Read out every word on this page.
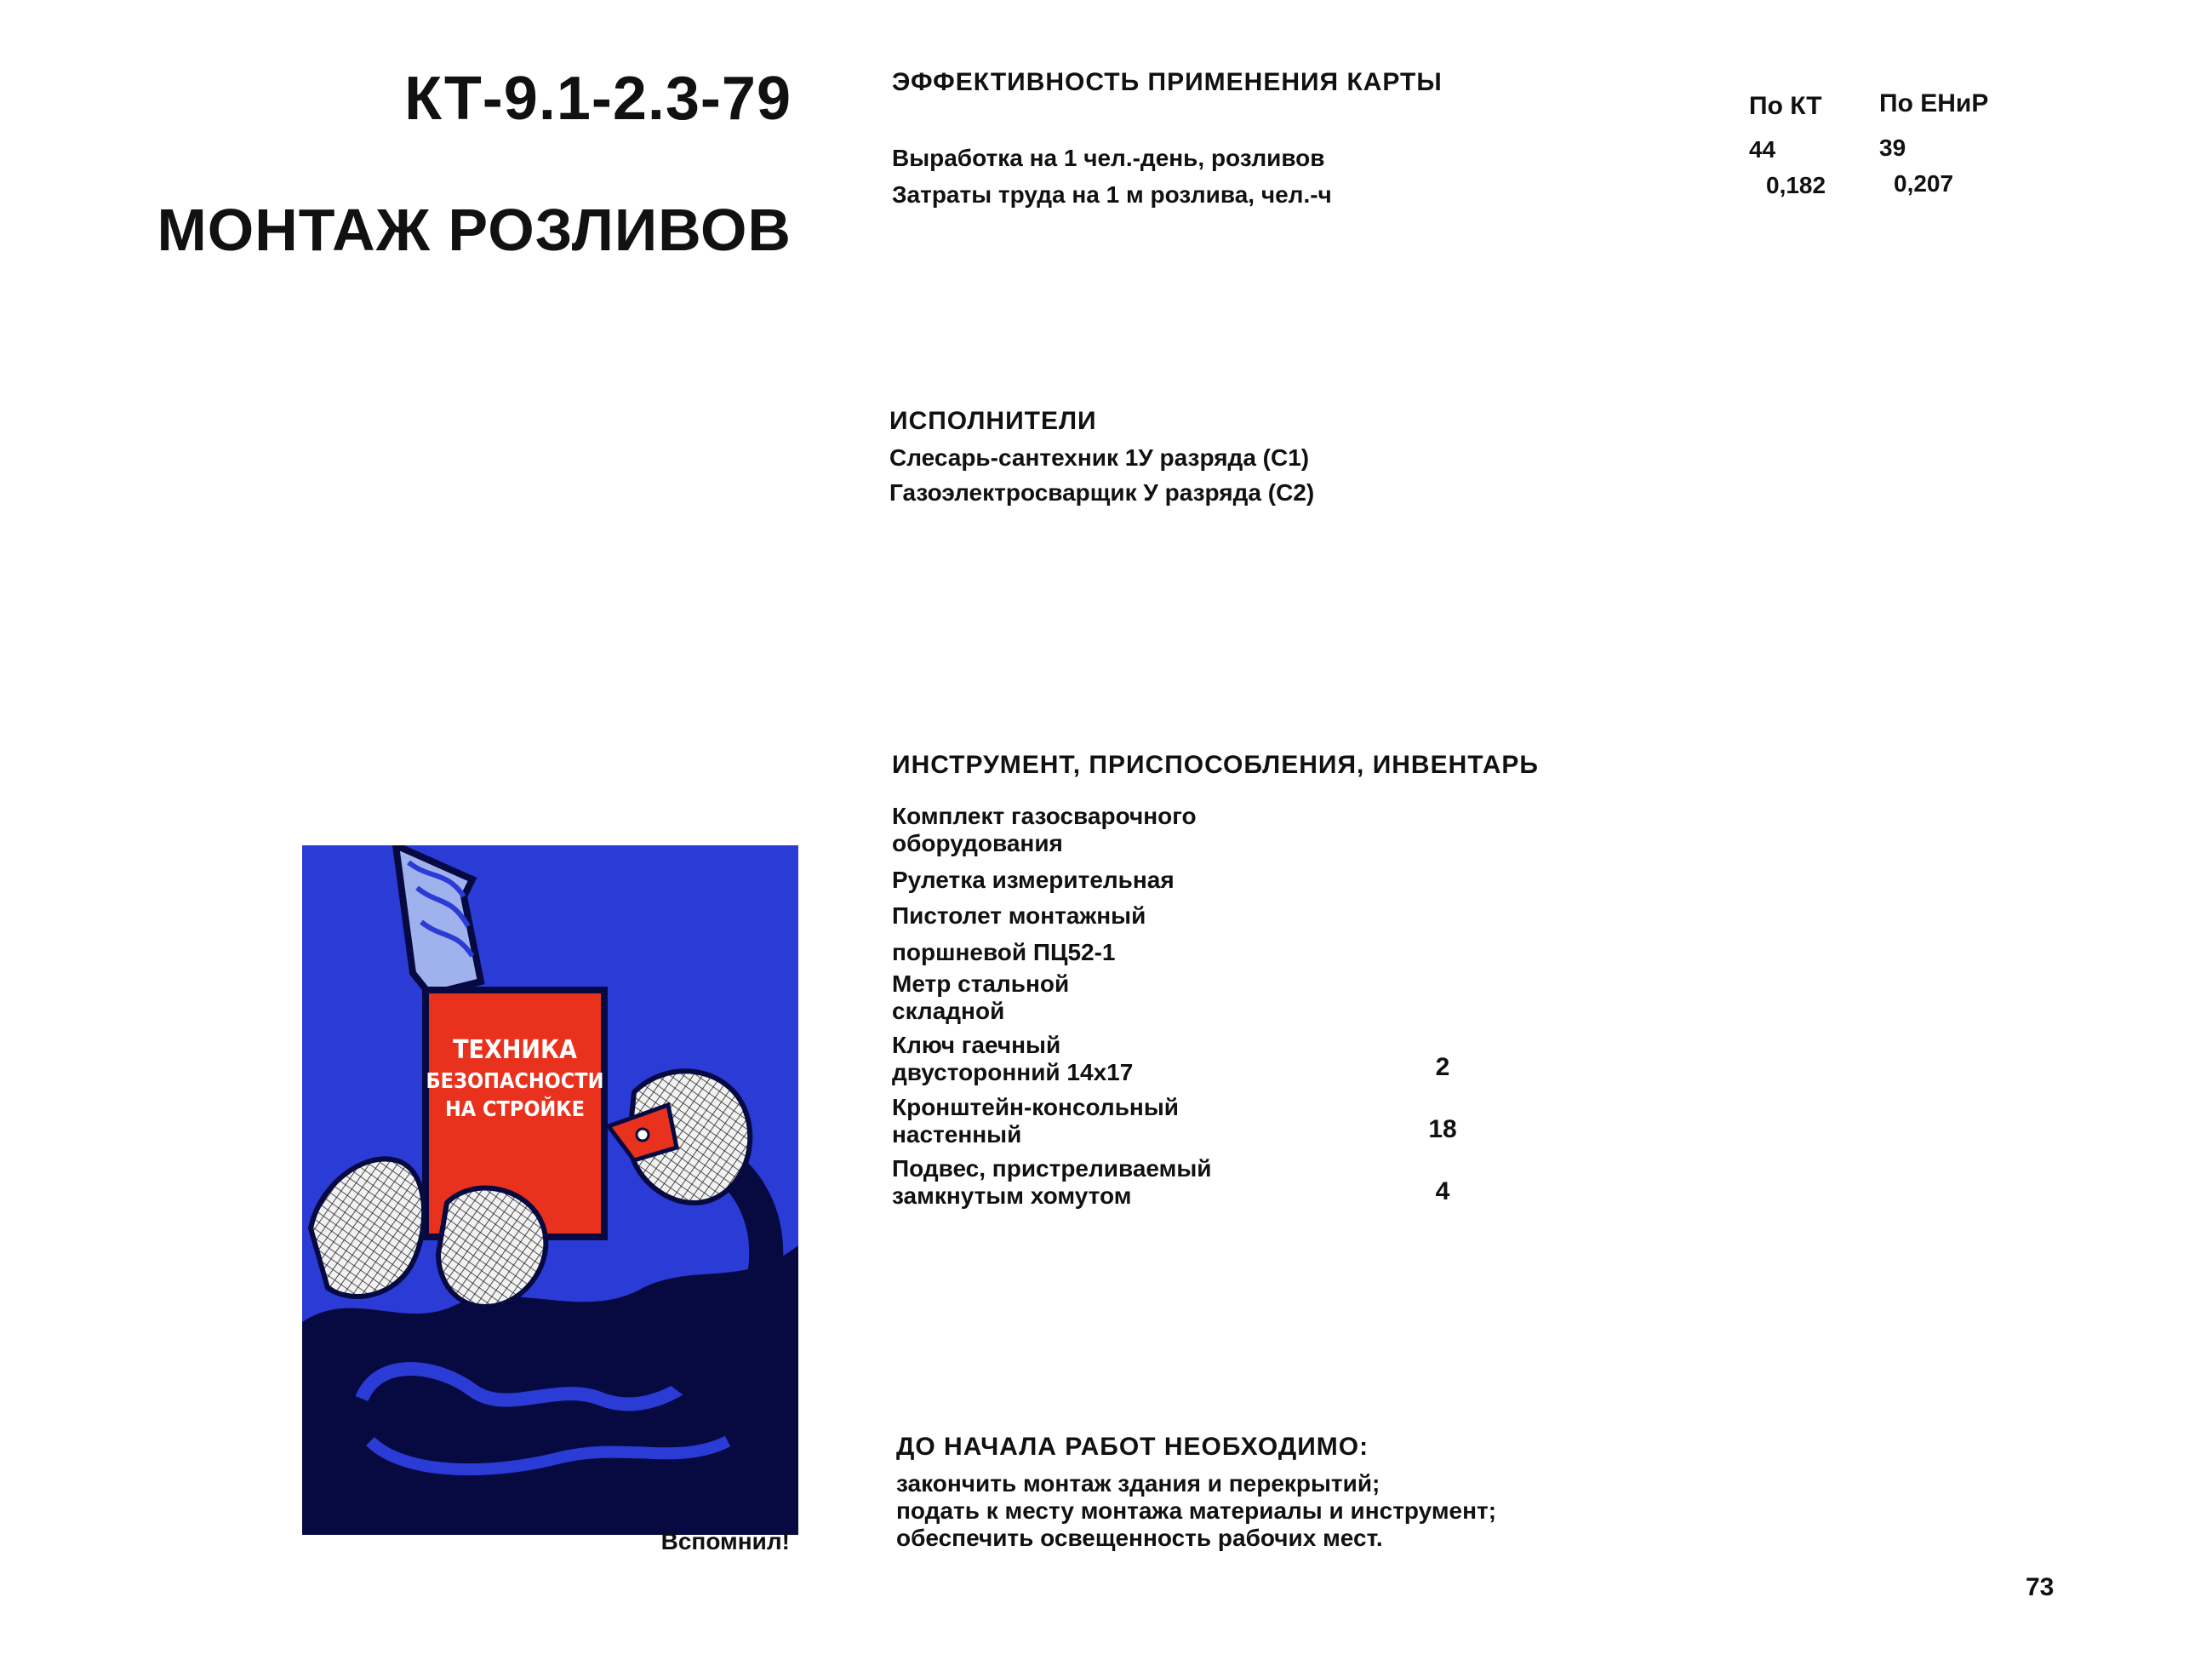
КТ-9.1-2.3-79
МОНТАЖ РОЗЛИВОВ
ЭФФЕКТИВНОСТЬ ПРИМЕНЕНИЯ КАРТЫ
По КТ По ЕНиР
Выработка на 1 чел.-день, розливов	44	39
Затраты труда на 1 м розлива, чел.-ч	0,182	0,207
ИСПОЛНИТЕЛИ
Слесарь-сантехник 1У разряда (С1)
Газоэлектросварщик У разряда (С2)
ИНСТРУМЕНТ, ПРИСПОСОБЛЕНИЯ, ИНВЕНТАРЬ
Комплект газосварочного
оборудования
Рулетка измерительная
Пистолет монтажный
поршневой ПЦ52-1
Метр стальной
складной
Ключ гаечный
двусторонний 14х17	2
Кронштейн-консольный
настенный	18
Подвес, пристреливаемый
замкнутым хомутом	4
ДО НАЧАЛА РАБОТ НЕОБХОДИМО:
закончить монтаж здания и перекрытий;
подать к месту монтажа материалы и инструмент;
обеспечить освещенность рабочих мест.
ТЕХНИКА
БЕЗОПАСНОСТИ
НА СТРОЙКЕ
Вспомнил!
73
